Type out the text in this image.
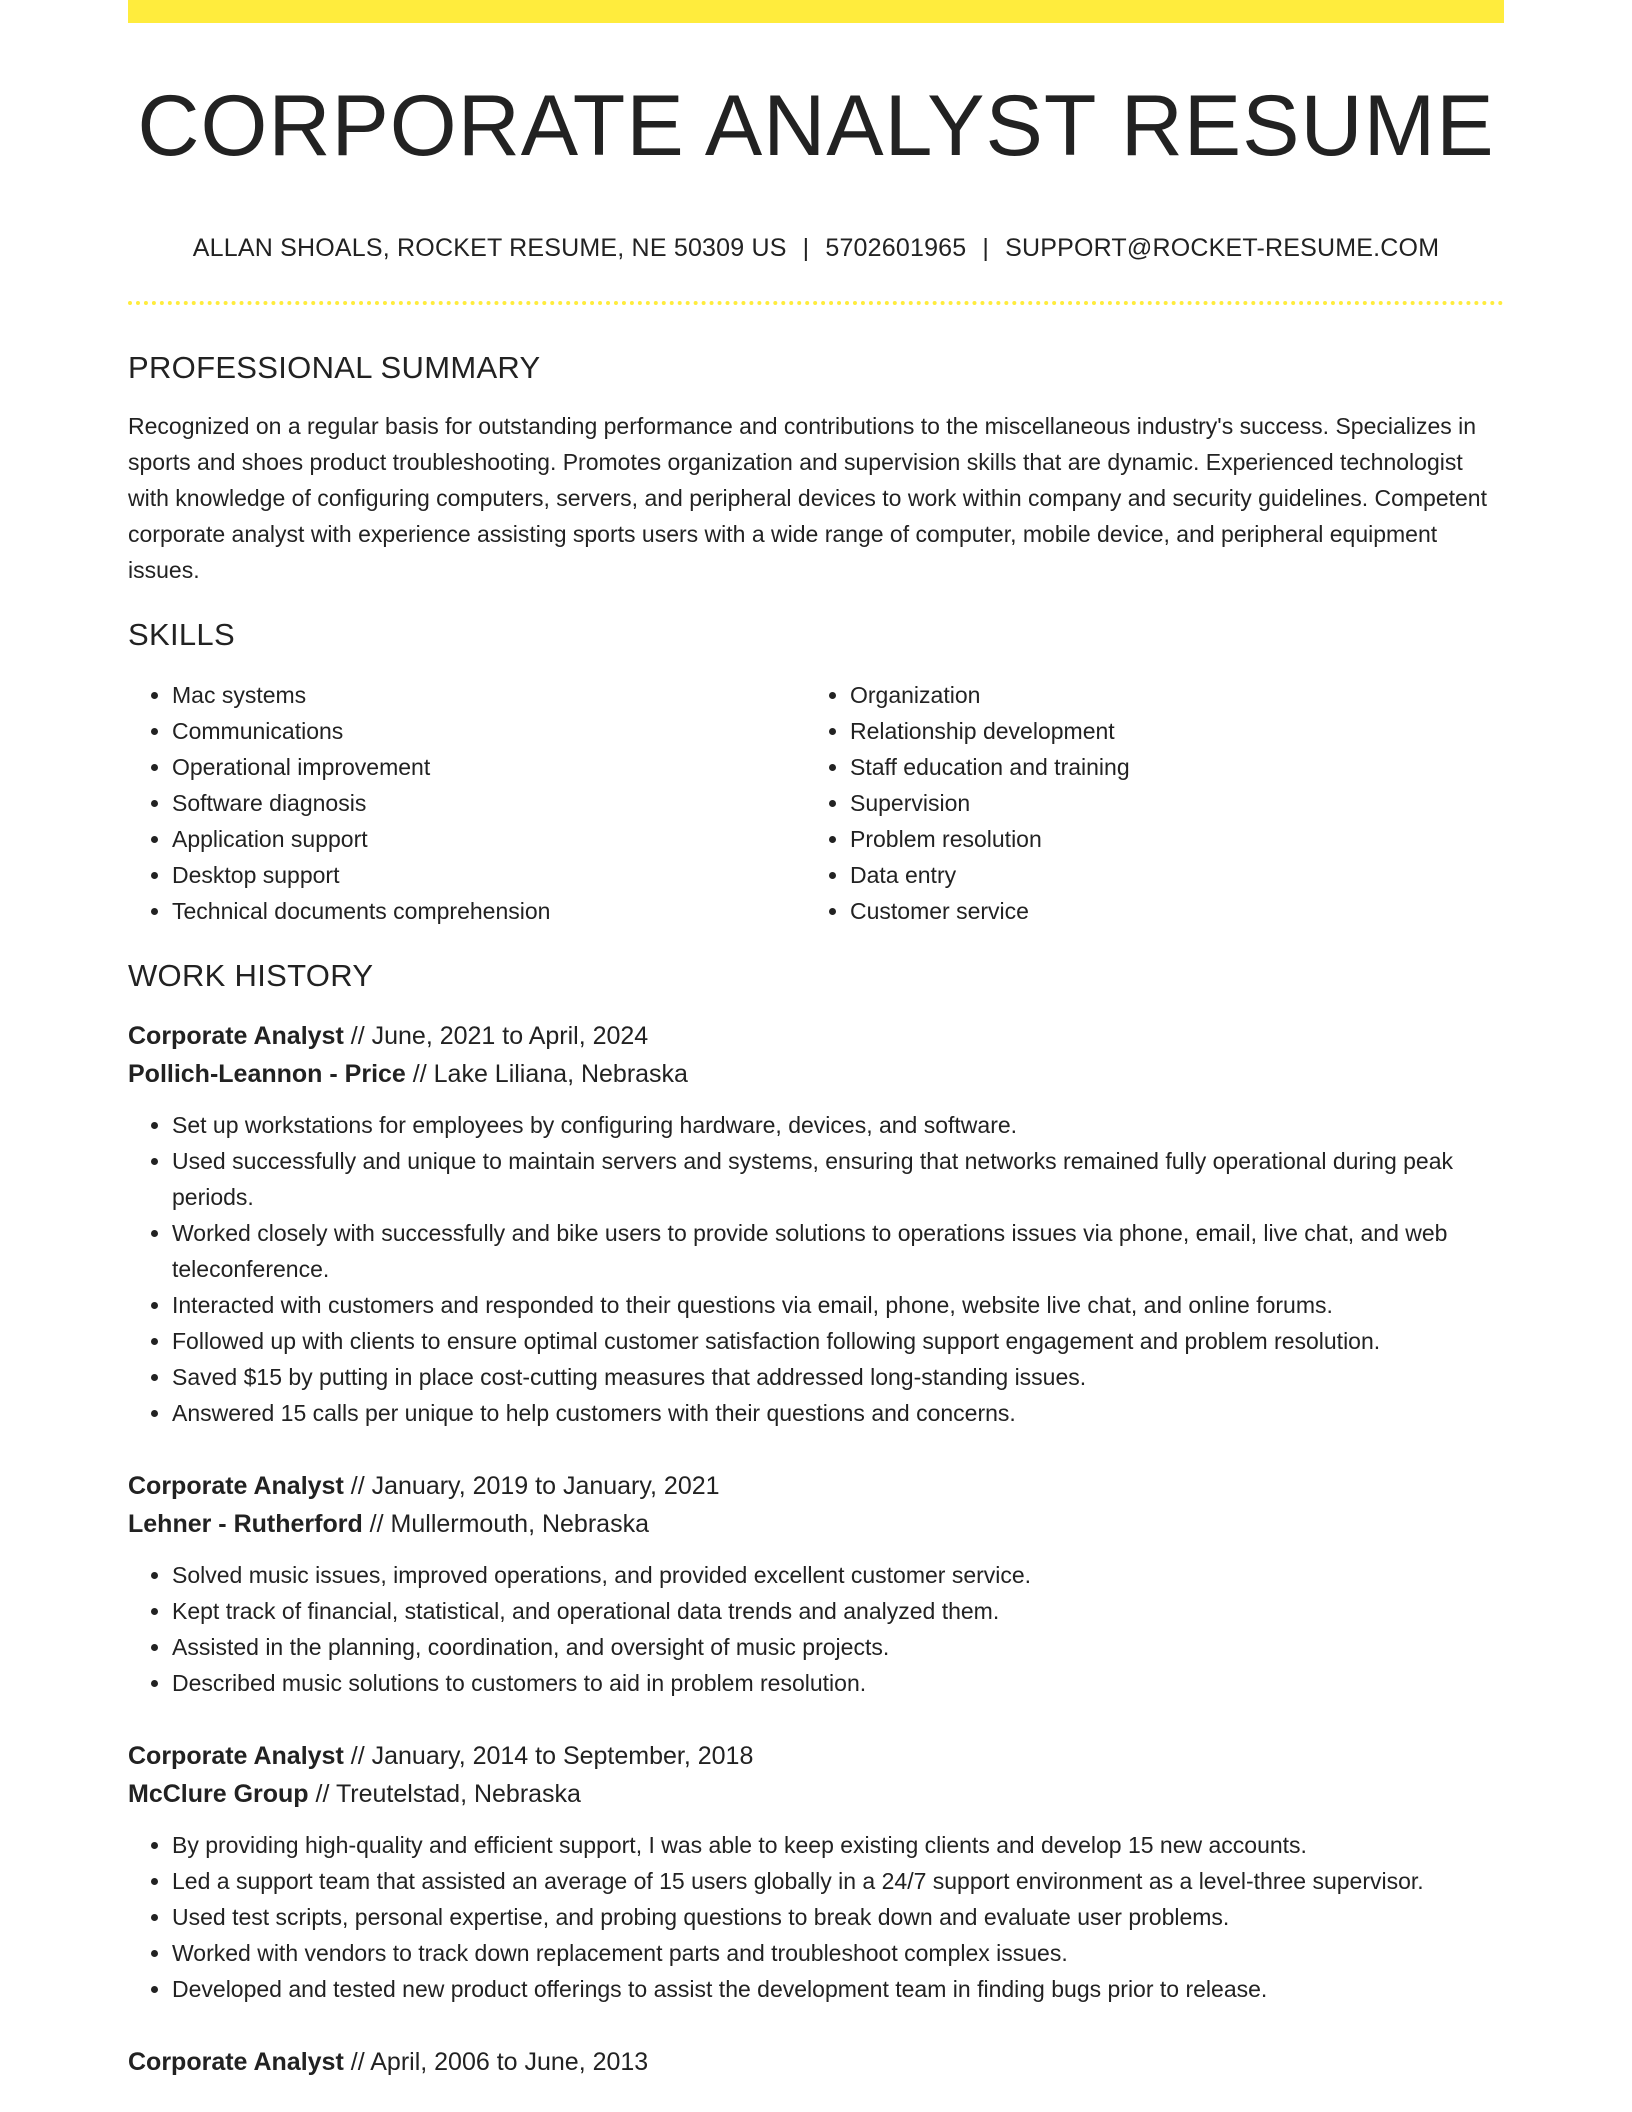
CORPORATE ANALYST RESUME
ALLAN SHOALS, ROCKET RESUME, NE 50309 US | 5702601965 | SUPPORT@ROCKET-RESUME.COM
PROFESSIONAL SUMMARY

Recognized on a regular basis for outstanding performance and contributions to the miscellaneous industry's success. Specializes in sports and shoes product troubleshooting. Promotes organization and supervision skills that are dynamic. Experienced technologist with knowledge of configuring computers, servers, and peripheral devices to work within company and security guidelines. Competent corporate analyst with experience assisting sports users with a wide range of computer, mobile device, and peripheral equipment issues.

SKILLS
• Mac systems
• Communications
• Operational improvement
• Software diagnosis
• Application support
• Desktop support
• Technical documents comprehension
• Organization
• Relationship development
• Staff education and training
• Supervision
• Problem resolution
• Data entry
• Customer service
WORK HISTORY
Corporate Analyst // June, 2021 to April, 2024
Pollich-Leannon - Price // Lake Liliana, Nebraska
• Set up workstations for employees by configuring hardware, devices, and software.
• Used successfully and unique to maintain servers and systems, ensuring that networks remained fully operational during peak periods.
• Worked closely with successfully and bike users to provide solutions to operations issues via phone, email, live chat, and web teleconference.
• Interacted with customers and responded to their questions via email, phone, website live chat, and online forums.
• Followed up with clients to ensure optimal customer satisfaction following support engagement and problem resolution.
• Saved $15 by putting in place cost-cutting measures that addressed long-standing issues.
• Answered 15 calls per unique to help customers with their questions and concerns.
Corporate Analyst // January, 2019 to January, 2021
Lehner - Rutherford // Mullermouth, Nebraska
• Solved music issues, improved operations, and provided excellent customer service.
• Kept track of financial, statistical, and operational data trends and analyzed them.
• Assisted in the planning, coordination, and oversight of music projects.
• Described music solutions to customers to aid in problem resolution.
Corporate Analyst // January, 2014 to September, 2018
McClure Group // Treutelstad, Nebraska
• By providing high-quality and efficient support, I was able to keep existing clients and develop 15 new accounts.
• Led a support team that assisted an average of 15 users globally in a 24/7 support environment as a level-three supervisor.
• Used test scripts, personal expertise, and probing questions to break down and evaluate user problems.
• Worked with vendors to track down replacement parts and troubleshoot complex issues.
• Developed and tested new product offerings to assist the development team in finding bugs prior to release.
Corporate Analyst // April, 2006 to June, 2013
